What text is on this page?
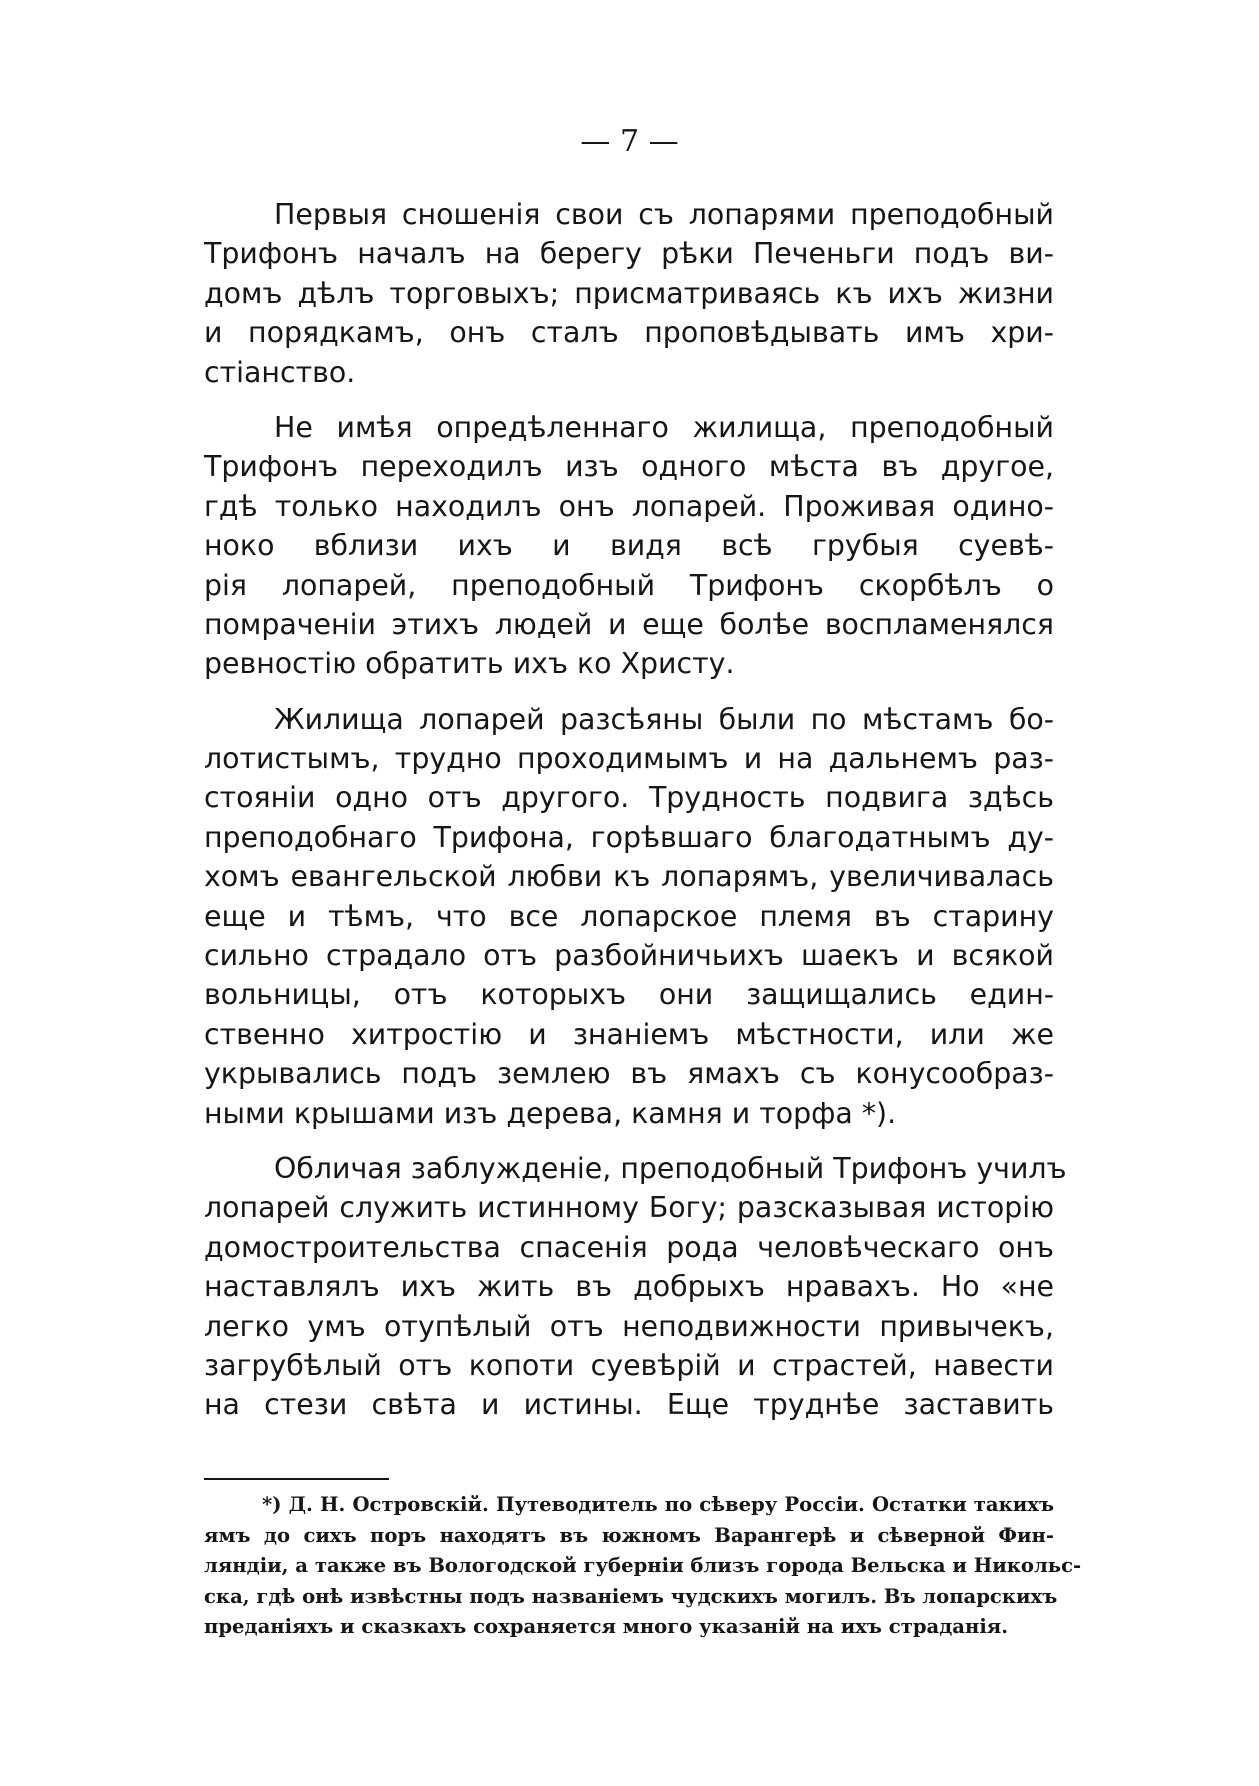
— 7 —

Первыя сношенія свои съ лопарями преподобный
Трифонъ началъ на берегу рѣки Печеньги подъ ви-
домъ дѣлъ торговыхъ; присматриваясь къ ихъ жизни
и порядкамъ, онъ сталъ проповѣдывать имъ хри-
стіанство.

Не имѣя опредѣленнаго жилища, преподобный
Трифонъ переходилъ изъ одного мѣста въ другое,
гдѣ только находилъ онъ лопарей. Проживая одино-
ноко вблизи ихъ и видя всѣ грубыя суевѣ-
рія лопарей, преподобный Трифонъ скорбѣлъ о
помраченіи этихъ людей и еще болѣе воспламенялся
ревностію обратить ихъ ко Христу.

Жилища лопарей разсѣяны были по мѣстамъ бо-
лотистымъ, трудно проходимымъ и на дальнемъ раз-
стояніи одно отъ другого. Трудность подвига здѣсь
преподобнаго Трифона, горѣвшаго благодатнымъ ду-
хомъ евангельской любви къ лопарямъ, увеличивалась
еще и тѣмъ, что все лопарское племя въ старину
сильно страдало отъ разбойничьихъ шаекъ и всякой
вольницы, отъ которыхъ они защищались един-
ственно хитростію и знаніемъ мѣстности, или же
укрывались подъ землею въ ямахъ съ конусообраз-
ными крышами изъ дерева, камня и торфа *).

Обличая заблужденіе, преподобный Трифонъ училъ
лопарей служить истинному Богу; разсказывая исторію
домостроительства спасенія рода человѣческаго онъ
наставлялъ ихъ жить въ добрыхъ нравахъ. Но «не
легко умъ отупѣлый отъ неподвижности привычекъ,
загрубѣлый отъ копоти суевѣрій и страстей, навести
на стези свѣта и истины. Еще труднѣе заставить

*) Д. Н. Островскій. Путеводитель по сѣверу Россіи. Остатки такихъ
ямъ до сихъ поръ находятъ въ южномъ Варангерѣ и сѣверной Фин-
ляндіи, а также въ Вологодской губерніи близъ города Вельска и Никольс-
ска, гдѣ онѣ извѣстны подъ названіемъ чудскихъ могилъ. Въ лопарскихъ
преданіяхъ и сказкахъ сохраняется много указаній на ихъ страданія.
